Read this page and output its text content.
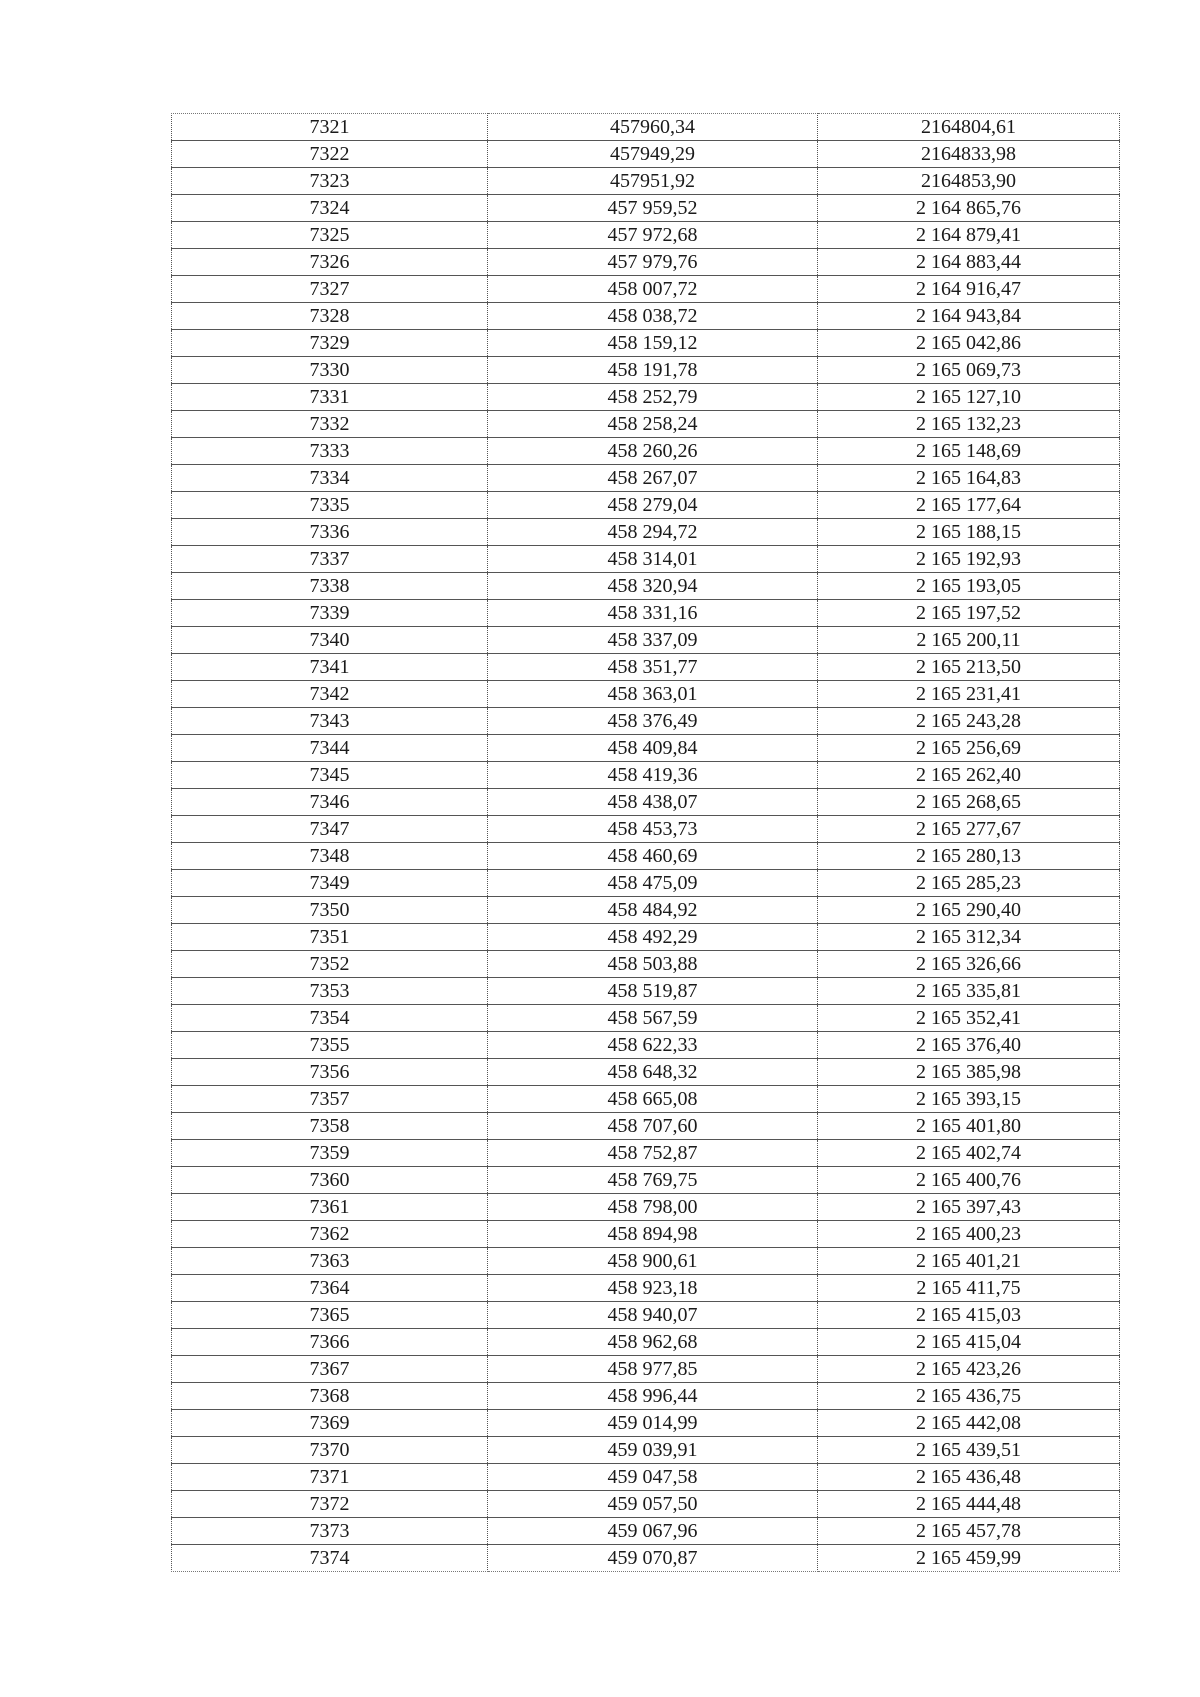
7321	457960,34	2164804,61
7322	457949,29	2164833,98
7323	457951,92	2164853,90
7324	457 959,52	2 164 865,76
7325	457 972,68	2 164 879,41
7326	457 979,76	2 164 883,44
7327	458 007,72	2 164 916,47
7328	458 038,72	2 164 943,84
7329	458 159,12	2 165 042,86
7330	458 191,78	2 165 069,73
7331	458 252,79	2 165 127,10
7332	458 258,24	2 165 132,23
7333	458 260,26	2 165 148,69
7334	458 267,07	2 165 164,83
7335	458 279,04	2 165 177,64
7336	458 294,72	2 165 188,15
7337	458 314,01	2 165 192,93
7338	458 320,94	2 165 193,05
7339	458 331,16	2 165 197,52
7340	458 337,09	2 165 200,11
7341	458 351,77	2 165 213,50
7342	458 363,01	2 165 231,41
7343	458 376,49	2 165 243,28
7344	458 409,84	2 165 256,69
7345	458 419,36	2 165 262,40
7346	458 438,07	2 165 268,65
7347	458 453,73	2 165 277,67
7348	458 460,69	2 165 280,13
7349	458 475,09	2 165 285,23
7350	458 484,92	2 165 290,40
7351	458 492,29	2 165 312,34
7352	458 503,88	2 165 326,66
7353	458 519,87	2 165 335,81
7354	458 567,59	2 165 352,41
7355	458 622,33	2 165 376,40
7356	458 648,32	2 165 385,98
7357	458 665,08	2 165 393,15
7358	458 707,60	2 165 401,80
7359	458 752,87	2 165 402,74
7360	458 769,75	2 165 400,76
7361	458 798,00	2 165 397,43
7362	458 894,98	2 165 400,23
7363	458 900,61	2 165 401,21
7364	458 923,18	2 165 411,75
7365	458 940,07	2 165 415,03
7366	458 962,68	2 165 415,04
7367	458 977,85	2 165 423,26
7368	458 996,44	2 165 436,75
7369	459 014,99	2 165 442,08
7370	459 039,91	2 165 439,51
7371	459 047,58	2 165 436,48
7372	459 057,50	2 165 444,48
7373	459 067,96	2 165 457,78
7374	459 070,87	2 165 459,99
